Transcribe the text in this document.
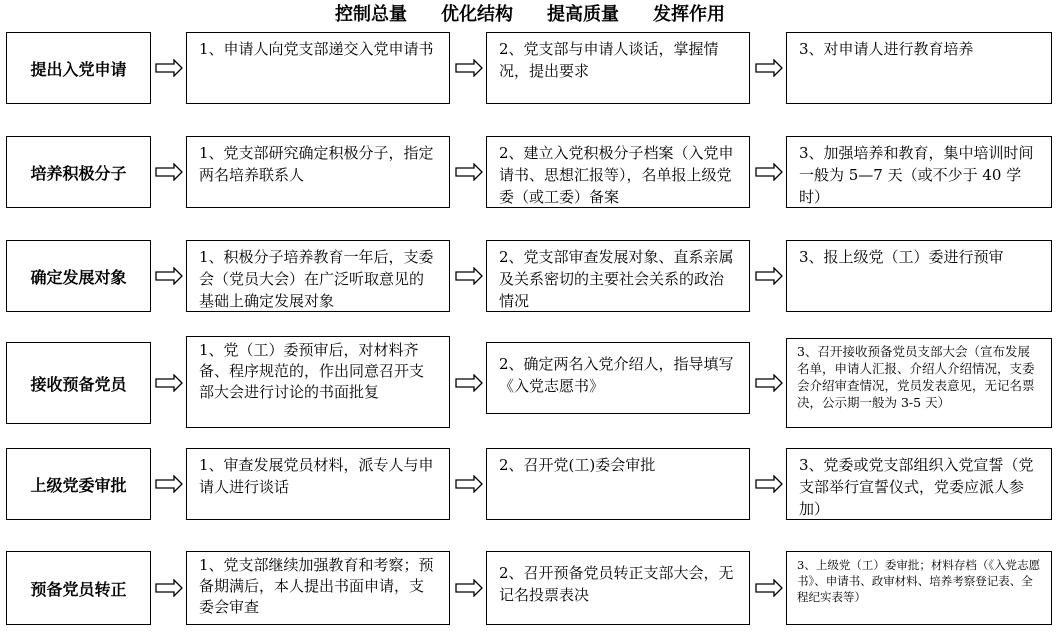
控制总量 优化结构 提高质量 发挥作用
提出入党申请
1、申请人向党支部递交入党申请书	2、党支部与申请人谈话，掌握情况，提出要求
3、对申请人进行教育培养
培养积极分子
1、党支部研究确定积极分子，指定两名培养联系人
2、建立入党积极分子档案（入党申请书、思想汇报等），名单报上级党委（或工委）备案
3、加强培养和教育，集中培训时间一般为 5—7 天（或不少于 40 学时）
确定发展对象
1、积极分子培养教育一年后，支委会（党员大会）在广泛听取意见的基础上确定发展对象
2、党支部审查发展对象、直系亲属及关系密切的主要社会关系的政治情况
3、报上级党（工）委进行预审
接收预备党员
1、党（工）委预审后，对材料齐备、程序规范的，作出同意召开支部大会进行讨论的书面批复
2、确定两名入党介绍人，指导填写《入党志愿书》
3、召开接收预备党员支部大会（宣布发展名单，申请人汇报、介绍人介绍情况，支委会介绍审查情况，党员发表意见，无记名票决，公示期一般为 3-5 天）
上级党委审批
1、审查发展党员材料，派专人与申请人进行谈话
2、召开党(工)委会审批	3、党委或党支部组织入党宣誓（党支部举行宣誓仪式，党委应派人参加）
预备党员转正
1、党支部继续加强教育和考察；预备期满后，本人提出书面申请，支委会审查
2、召开预备党员转正支部大会，无记名投票表决
3、上级党（工）委审批；材料存档（《入党志愿书》、申请书、政审材料、培养考察登记表、全程纪实表等）
